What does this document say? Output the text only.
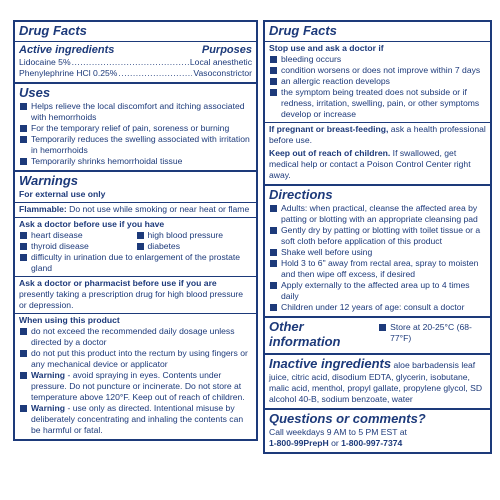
Drug Facts
Active ingredients	Purposes
Lidocaine 5% .....	Local anesthetic
Phenylephrine HCl 0.25% .....	Vasoconstrictor
Uses
Helps relieve the local discomfort and itching associated with hemorrhoids
For the temporary relief of pain, soreness or burning
Temporarily reduces the swelling associated with irritation in hemorrhoids
Temporarily shrinks hemorrhoidal tissue
Warnings
For external use only
Flammable: Do not use while smoking or near heat or flame
Ask a doctor before use if you have
heart disease	high blood pressure
thyroid disease	diabetes
difficulty in urination due to enlargement of the prostate gland
Ask a doctor or pharmacist before use if you are presently taking a prescription drug for high blood pressure or depression.
When using this product
do not exceed the recommended daily dosage unless directed by a doctor
do not put this product into the rectum by using fingers or any mechanical device or applicator
Warning - avoid spraying in eyes. Contents under pressure. Do not puncture or incinerate. Do not store at temperature above 120°F. Keep out of reach of children.
Warning - use only as directed. Intentional misuse by deliberately concentrating and inhaling the contents can be harmful or fatal.
Drug Facts
Stop use and ask a doctor if
bleeding occurs
condition worsens or does not improve within 7 days
an allergic reaction develops
the symptom being treated does not subside or if redness, irritation, swelling, pain, or other symptoms develop or increase
If pregnant or breast-feeding, ask a health professional before use.
Keep out of reach of children. If swallowed, get medical help or contact a Poison Control Center right away.
Directions
Adults: when practical, cleanse the affected area by patting or blotting with an appropriate cleansing pad
Gently dry by patting or blotting with toilet tissue or a soft cloth before application of this product
Shake well before using
Hold 3 to 6" away from rectal area, spray to moisten and then wipe off excess, if desired
Apply externally to the affected area up to 4 times daily
Children under 12 years of age: consult a doctor
Other information
Store at 20-25°C (68-77°F)
Inactive ingredients aloe barbadensis leaf juice, citric acid, disodium EDTA, glycerin, isobutane, malic acid, menthol, propyl gallate, propylene glycol, SD alcohol 40-B, sodium benzoate, water
Questions or comments?
Call weekdays 9 AM to 5 PM EST at
1-800-99PrepH or 1-800-997-7374
